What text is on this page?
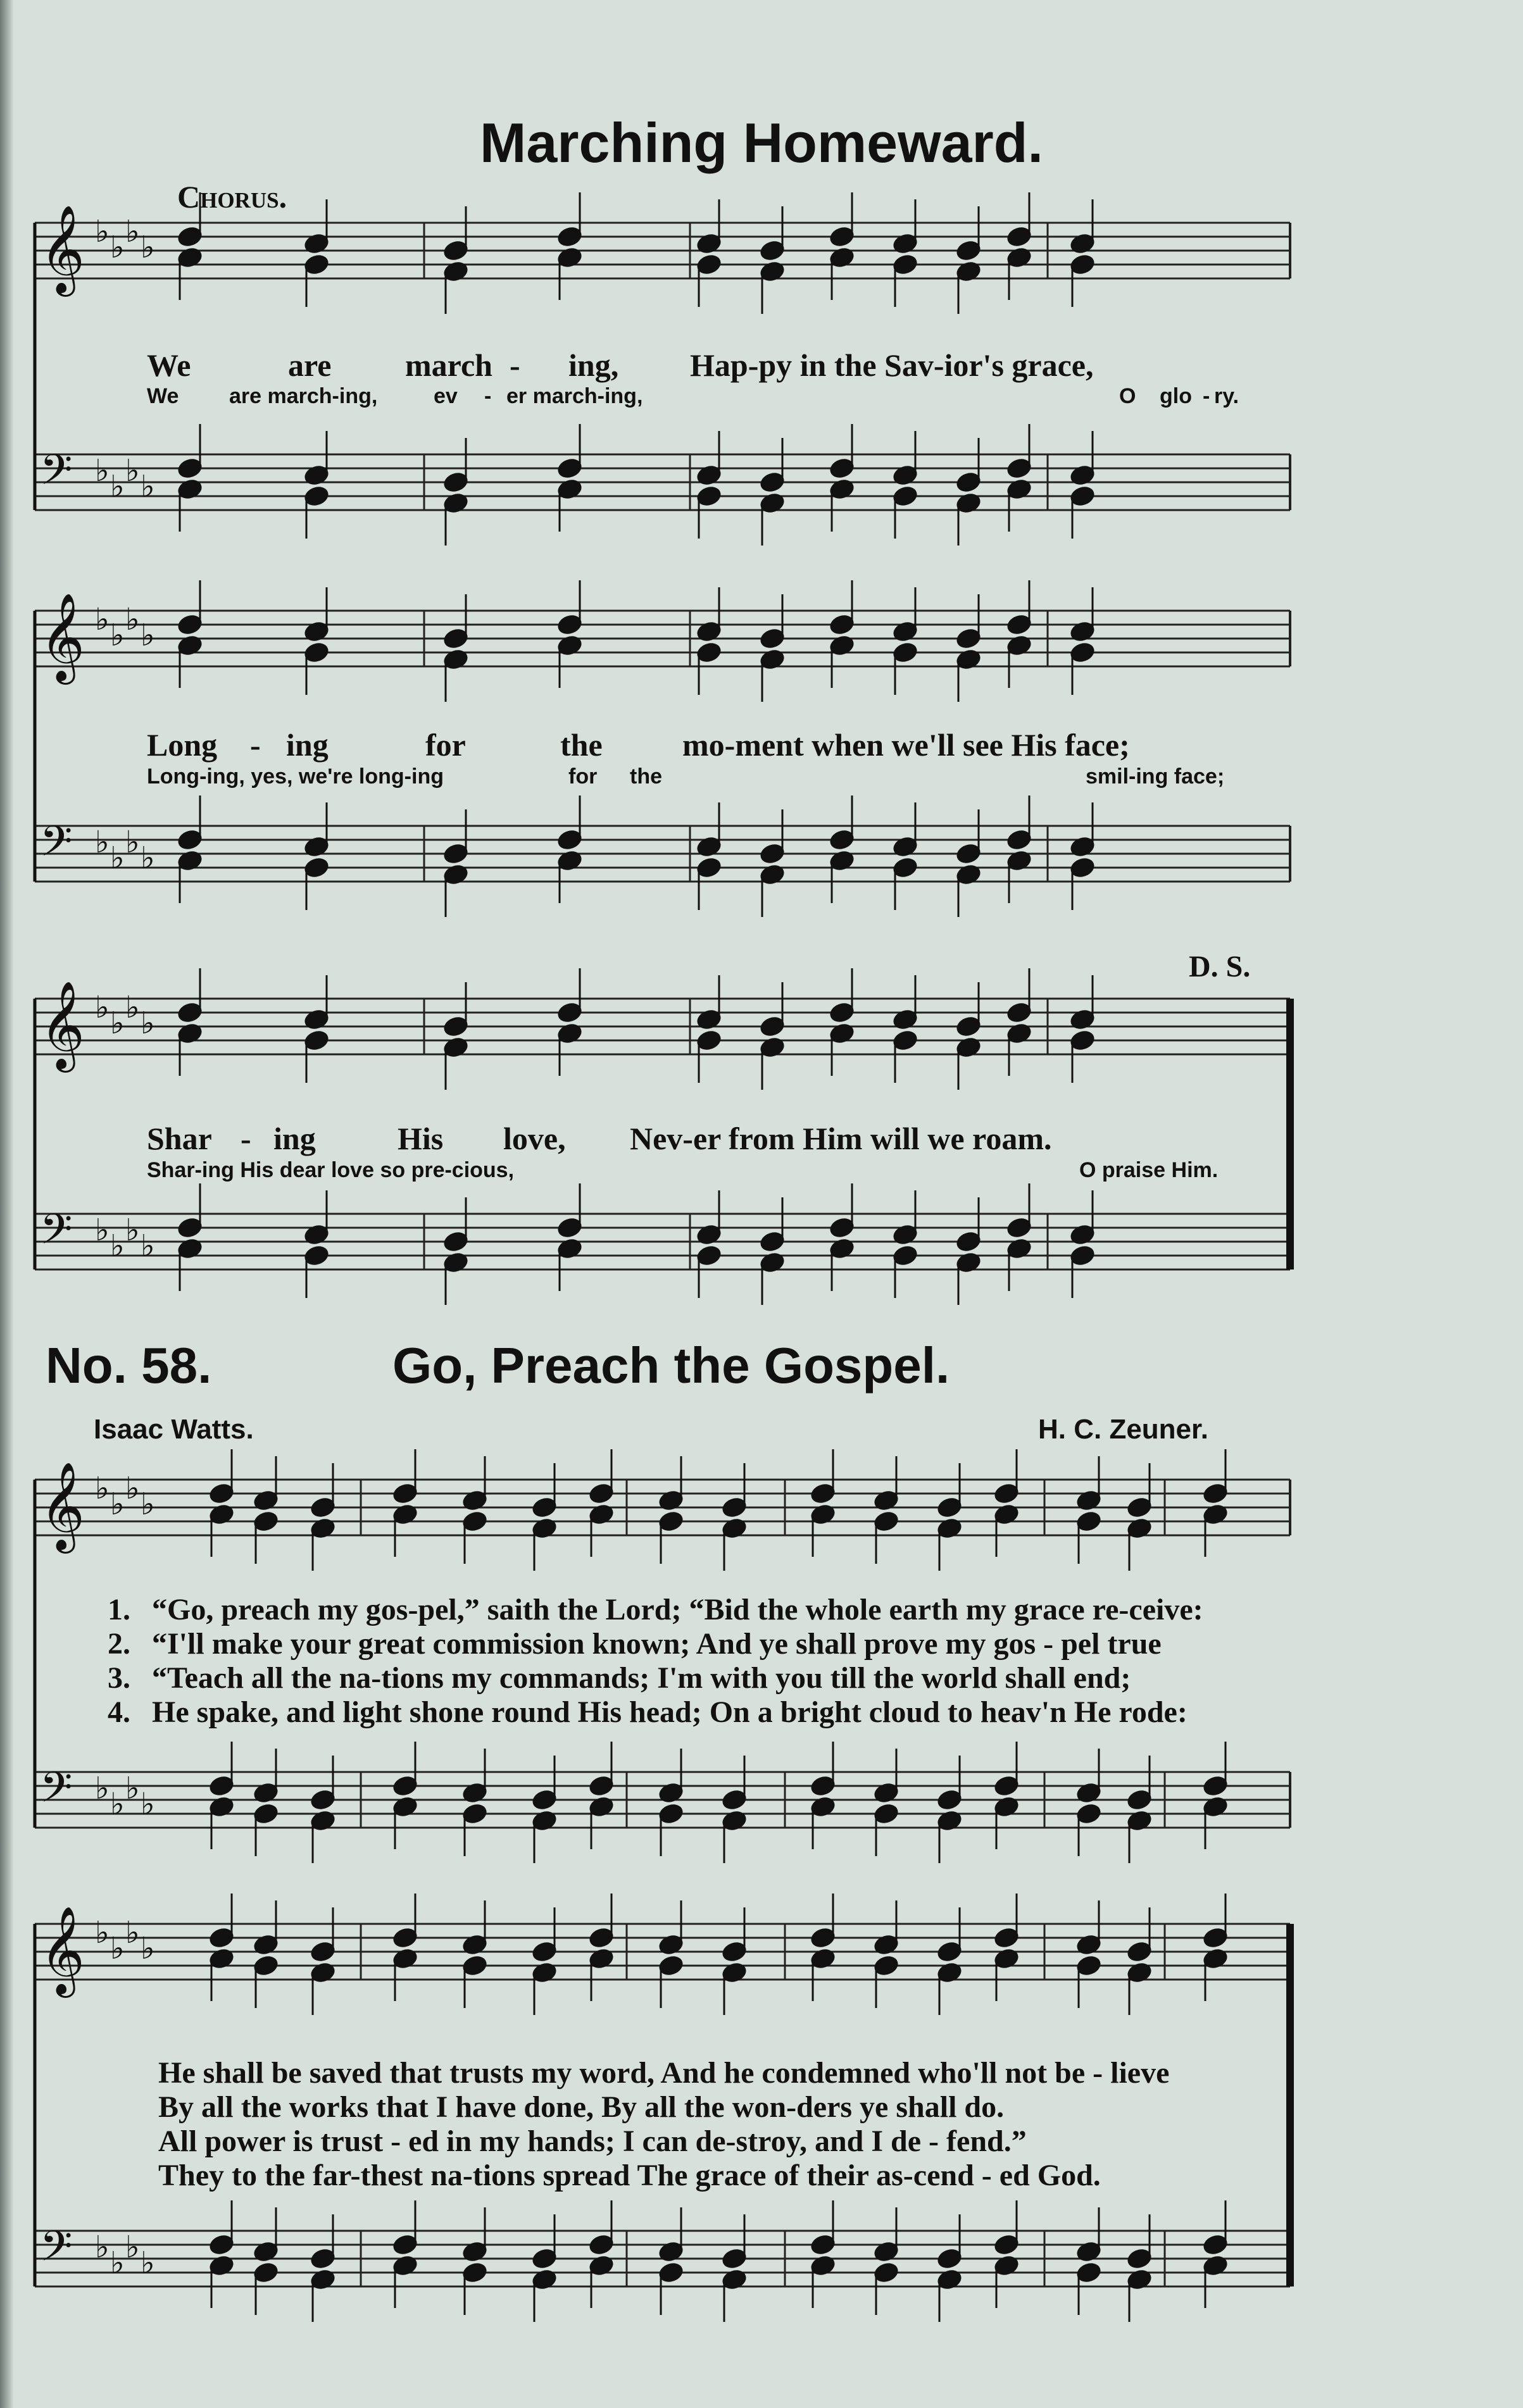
Marching Homeward.
Chorus.
D. S.
𝄞 ♭ ♭ ♭ ♭
𝄢 ♭ ♭ ♭ ♭
𝄞 ♭ ♭ ♭ ♭
𝄢 ♭ ♭ ♭ ♭
𝄞 ♭ ♭ ♭ ♭
𝄢 ♭ ♭ ♭ ♭
𝄞 ♭ ♭ ♭ ♭
𝄢 ♭ ♭ ♭ ♭
𝄞 ♭ ♭ ♭ ♭
𝄢 ♭ ♭ ♭ ♭
We	are march - ing, Hap-py in the Sav-ior's grace,
We are march-ing,	ev - er march-ing,	O glo - ry.
Long - ing	for	the	mo-ment when we'll see His face;
Long-ing, yes, we're long-ing	for the	smil-ing face;
Shar - ing	His love, Nev-er from Him will we roam.
Shar-ing His dear love so pre-cious,	O praise Him.
No. 58.	Go, Preach the Gospel.
Isaac Watts.	H. C. Zeuner.
1. “Go, preach my gos-pel,” saith the Lord; “Bid the whole earth my grace re-ceive:
2. “I'll make your great commission known; And ye shall prove my gos - pel true
3. “Teach all the na-tions my commands; I'm with you till the world shall end;
4. He spake, and light shone round His head; On a bright cloud to heav'n He rode:
He shall be saved that trusts my word, And he condemned who'll not be - lieve
By all the works that I have done, By all the won-ders ye shall do.
All power is trust - ed in my hands; I can de-stroy, and I de - fend.”
They to the far-thest na-tions spread The grace of their as-cend - ed God.
